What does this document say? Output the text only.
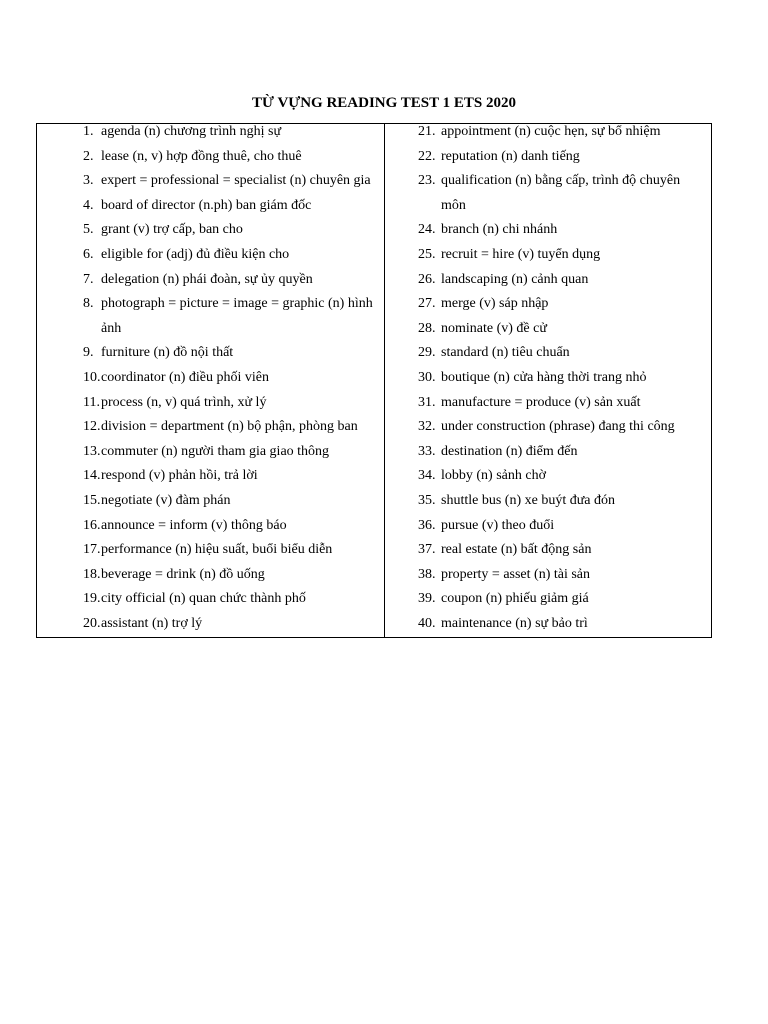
TỪ VỰNG READING TEST 1 ETS 2020
1. agenda (n) chương trình nghị sự
2. lease (n, v) hợp đồng thuê, cho thuê
3. expert = professional = specialist (n) chuyên gia
4. board of director (n.ph) ban giám đốc
5. grant (v) trợ cấp, ban cho
6. eligible for (adj) đủ điều kiện cho
7. delegation (n) phái đoàn, sự ủy quyền
8. photograph = picture = image = graphic (n) hình ảnh
9. furniture (n) đồ nội thất
10. coordinator (n) điều phối viên
11. process (n, v) quá trình, xử lý
12. division = department (n) bộ phận, phòng ban
13. commuter (n) người tham gia giao thông
14. respond (v) phản hồi, trả lời
15. negotiate (v) đàm phán
16. announce = inform (v) thông báo
17. performance (n) hiệu suất, buổi biểu diễn
18. beverage = drink (n) đồ uống
19. city official (n) quan chức thành phố
20. assistant (n) trợ lý
21. appointment (n) cuộc hẹn, sự bổ nhiệm
22. reputation (n) danh tiếng
23. qualification (n) bằng cấp, trình độ chuyên môn
24. branch (n) chi nhánh
25. recruit = hire (v) tuyển dụng
26. landscaping (n) cảnh quan
27. merge (v) sáp nhập
28. nominate (v) đề cử
29. standard (n) tiêu chuẩn
30. boutique (n) cửa hàng thời trang nhỏ
31. manufacture = produce (v) sản xuất
32. under construction (phrase) đang thi công
33. destination (n) điểm đến
34. lobby (n) sảnh chờ
35. shuttle bus (n) xe buýt đưa đón
36. pursue (v) theo đuổi
37. real estate (n) bất động sản
38. property = asset (n) tài sản
39. coupon (n) phiếu giảm giá
40. maintenance (n) sự bảo trì
